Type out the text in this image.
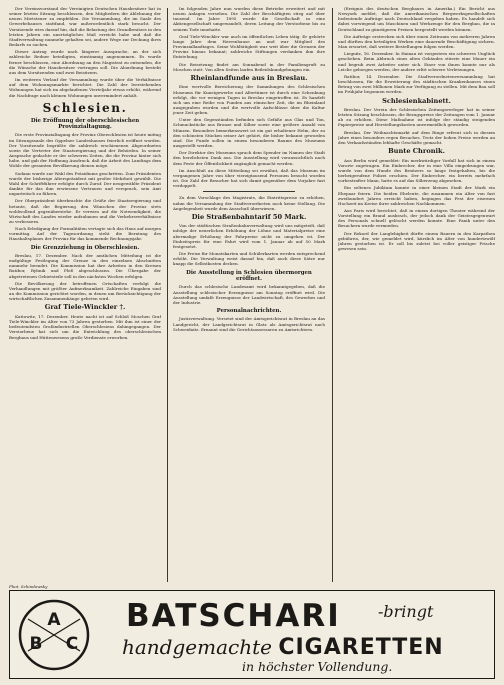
Der Vereinsvorstand der Vereinigten Deutschen Hausbesitzer hat in seiner letzten Sitzung beschlossen, den Mitgliedern die Ablehnung der neuen Mietsteuer zu empfehlen. Die Versammlung, die im Saale des Gewerbehauses stattfand, war außerordentlich stark besucht. Der Vorsitzende wies darauf hin, daß die Belastung des Grundbesitzes in den letzten Jahren ein unerträgliches Maß erreicht habe und daß die Stadtverwaltung nunmehr gehalten sei, andere Wege zur Deckung ihres Bedarfs zu suchen.

Dieser Antrag wurde nach längerer Aussprache, an der sich zahlreiche Redner beteiligten, einstimmig angenommen. Es wurde ferner beschlossen, eine Abordnung an den Magistrat zu entsenden, die die Wünsche der Hausbesitzer vortragen soll. Die Abordnung besteht aus dem Vorsitzenden und zwei Beisitzern.

Im weiteren Verlauf der Versammlung wurde über die Verhältnisse auf dem Wohnungsmarkte berichtet. Die Zahl der leerstehenden Wohnungen hat sich im abgelaufenen Vierteljahr etwas erhöht, während die Nachfrage nach kleinen Wohnungen unvermindert anhält.

Schlesien.
Die Eröffnung der oberschlesischen Provinzialtagung.

Die erste Provinzialtagung der Provinz Oberschlesien ist heute mittag im Sitzungssaale des Oppelner Landeshauses feierlich eröffnet worden. Der Vorsitzende begrüßte die zahlreich erschienenen Abgeordneten sowie die Vertreter der Staatsregierung und der Behörden. In seiner Ansprache gedachte er der schweren Zeiten, die die Provinz hinter sich habe, und gab der Hoffnung Ausdruck, daß die Arbeit des Landtags dem Wohle der gesamten Bevölkerung dienen möge.

Sodann wurde zur Wahl des Präsidiums geschritten. Zum Präsidenten wurde der bisherige Alterspräsident mit großer Mehrheit gewählt. Die Wahl der Schriftführer erfolgte durch Zuruf. Der neugewählte Präsident dankte für das ihm erwiesene Vertrauen und versprach, sein Amt unparteiisch zu führen.

Der Oberpräsident überbrachte die Grüße der Staatsregierung und betonte, daß die Regierung den Wünschen der Provinz stets wohlwollend gegenüberstehe. Er verwies auf die Notwendigkeit, die Wirtschaft des Landes wieder aufzubauen und die Verkehrsverhältnisse zu verbessern.

Nach Erledigung der Formalitäten vertagte sich das Haus auf morgen vormittag. Auf der Tagesordnung steht die Beratung des Haushaltsplanes der Provinz für das kommende Rechnungsjahr.

Die Grenzziehung in Oberschlesien.

Breslau, 17. Dezember. Nach der amtlichen Mitteilung ist die endgültige Festlegung der Grenze in den einzelnen Abschnitten nunmehr beendet. Die Kommission hat ihre Arbeiten in den Kreisen Ratibor, Rybnik und Pleß abgeschlossen. Die Übergabe der abgetretenen Gebietsteile soll in den nächsten Wochen erfolgen.

Die Bevölkerung der betroffenen Ortschaften verfolgt die Verhandlungen mit größter Aufmerksamkeit. Zahlreiche Eingaben sind an die Kommission gerichtet worden, in denen um Berücksichtigung der wirtschaftlichen Zusammenhänge gebeten wird.

Graf Tiele-Winckler †.

Kattowitz, 17. Dezember. Heute nacht ist auf Schloß Moschen Graf Tiele-Winckler im Alter von 73 Jahren gestorben. Mit ihm ist einer der bedeutendsten Großindustriellen Oberschlesiens dahingegangen. Der Verstorbene hat sich um die Entwicklung des oberschlesischen Bergbaus und Hüttenwesens große Verdienste erworben.

Im folgenden Jahre nun wurden diese Betriebe erweitert und mit neuen Anlagen versehen. Die Zahl der Beschäftigten stieg auf über tausend. Im Jahre 1895 wurde die Gesellschaft in eine Aktiengesellschaft umgewandelt, deren Leitung der Verstorbene bis zu seinem Tode innehatte.

Graf Tiele-Winckler war auch im öffentlichen Leben tätig. Er gehörte lange Jahre dem Herrenhause an und war Mitglied des Provinziallandtages. Seine Wohltätigkeit war weit über die Grenzen der Provinz hinaus bekannt; zahlreiche Stiftungen verdanken ihm ihre Entstehung.

Die Beisetzung findet am Sonnabend in der Familiengruft zu Moschen statt. Von allen Seiten laufen Beileidskundgebungen ein.

Rheinlandfunde aus in Breslau.

Eine wertvolle Bereicherung der Sammlungen des Schlesischen Museums für Kunstgewerbe und Altertümer ist durch eine Schenkung erfolgt, die vor wenigen Tagen in Breslau eingetroffen ist. Es handelt sich um eine Reihe von Funden aus römischer Zeit, die im Rheinland ausgegraben wurden und die wertvolle Aufschlüsse über die Kultur jener Zeit geben.

Unter den Gegenständen befinden sich Gefäße aus Glas und Ton, Schmuckstücke aus Bronze und Silber sowie eine größere Anzahl von Münzen. Besonders bemerkenswert ist ein gut erhaltener Helm, der zu den schönsten Stücken seiner Art gehört, die bisher bekannt geworden sind. Die Funde sollen in einem besonderen Raume des Museums ausgestellt werden.

Der Direktor des Museums sprach dem Spender im Namen der Stadt den herzlichsten Dank aus. Die Ausstellung wird voraussichtlich nach dem Feste der Öffentlichkeit zugänglich gemacht werden.

Im Anschluß an diese Mitteilung sei erwähnt, daß das Museum im vergangenen Jahre von über vierzigtausend Personen besucht worden ist. Die Zahl der Besucher hat sich damit gegenüber dem Vorjahre fast verdoppelt.

Zu dem Vorschlage des Magistrats, die Eintrittspreise zu erhöhen, nahm die Versammlung der Stadtverordneten noch keine Stellung. Die Angelegenheit wurde dem Ausschuß überwiesen.

Die Straßenbahntarif 50 Mark.

Von der städtischen Straßenbahnverwaltung wird uns mitgeteilt, daß infolge der neuerlichen Erhöhung der Löhne und Materialpreise eine abermalige Erhöhung der Fahrpreise nicht zu umgehen ist. Der Einheitspreis für eine Fahrt wird vom 1. Januar ab auf 50 Mark festgesetzt.

Die Preise für Monatskarten und Schülerkarten werden entsprechend erhöht. Die Verwaltung weist darauf hin, daß auch diese Sätze nur knapp die Selbstkosten decken.

Die Ausstellung in Schlesien übermorgen eröffnet.

Durch das schlesische Landesamt wird bekanntgegeben, daß die Ausstellung schlesischer Erzeugnisse am Sonntag eröffnet wird. Die Ausstellung umfaßt Erzeugnisse der Landwirtschaft, des Gewerbes und der Industrie.

Personalnachrichten.

Justizverwaltung. Versetzt sind der Amtsgerichtsrat in Breslau an das Landgericht, der Landgerichtsrat in Glatz als Amtsgerichtsrat nach Schweidnitz. Ernannt sind die Gerichtsassessoren zu Amtsrichtern.

(Ereignis des deutschen Bergbaues in Amerika.) Ein Bericht aus Newyork meldet, daß die amerikanischen Bergwerksgesellschaften bedeutende Aufträge nach Deutschland vergeben haben. Es handelt sich dabei vorwiegend um Maschinen und Werkzeuge für den Bergbau, die in Deutschland zu günstigeren Preisen hergestellt werden können.

Die Aufträge erstrecken sich über einen Zeitraum von mehreren Jahren und dürften den beteiligten Werken eine dauernde Beschäftigung sichern. Man erwartet, daß weitere Bestellungen folgen werden.

Liegnitz, 16. Dezember. In Hainau ist vorgestern ein schweres Unglück geschehen. Beim Abbruch eines alten Gebäudes stürzte eine Mauer ein und begrub zwei Arbeiter unter sich. Einer von ihnen konnte nur als Leiche geborgen werden, der andere erlitt schwere Verletzungen.

Ratibor, 14. Dezember. Die Stadtverordnetenversammlung hat beschlossen, für die Erweiterung des städtischen Krankenhauses einen Betrag von zwei Millionen Mark zur Verfügung zu stellen. Mit dem Bau soll im Frühjahr begonnen werden.

Schlesienkabinett.

Breslau. Der Verein der Schlesischen Zeitungsverleger hat in seiner letzten Sitzung beschlossen, die Bezugspreise der Zeitungen vom 1. Januar ab zu erhöhen. Diese Maßnahme ist infolge der ständig steigenden Papierpreise und Herstellungskosten unvermeidlich geworden.

Breslau. Der Weihnachtsmarkt auf dem Ringe erfreut sich in diesem Jahre eines besonders regen Besuches. Trotz der hohen Preise werden an den Verkaufsständen lebhafte Geschäfte gemacht.

Bunte Chronik.

Aus Berlin wird gemeldet: Ein merkwürdiger Vorfall hat sich in einem Vororte zugetragen. Ein Einbrecher, der in eine Villa eingedrungen war, wurde von dem Hunde des Besitzers so lange festgehalten, bis die herbeigerufene Polizei erschien. Der Einbrecher, ein bereits mehrfach vorbestrafter Mann, hatte es auf das Silberzeug abgesehen.

Ein seltenes Jubiläum konnte in einer kleinen Stadt der Mark ein Ehepaar feiern. Die beiden Eheleute, die zusammen ein Alter von fast zweihundert Jahren erreicht haben, begingen das Fest der eisernen Hochzeit im Kreise ihrer zahlreichen Nachkommen.

Aus Paris wird berichtet, daß in einem dortigen Theater während der Vorstellung ein Brand ausbrach, der jedoch dank der Geistesgegenwart des Personals schnell gelöscht werden konnte. Eine Panik unter den Besuchern wurde vermieden.

Der Rekord der Langlebigkeit dürfte einem Bauern in den Karpathen gebühren, der, wie gemeldet wird, kürzlich im Alter von hundertzwölf Jahren gestorben ist. Er soll bis zuletzt bei voller geistiger Frische gewesen sein.

Phot. Schindowsky
A
B C
BATSCHARI -bringt
handgemachte CIGARETTEN
in höchster Vollendung.
